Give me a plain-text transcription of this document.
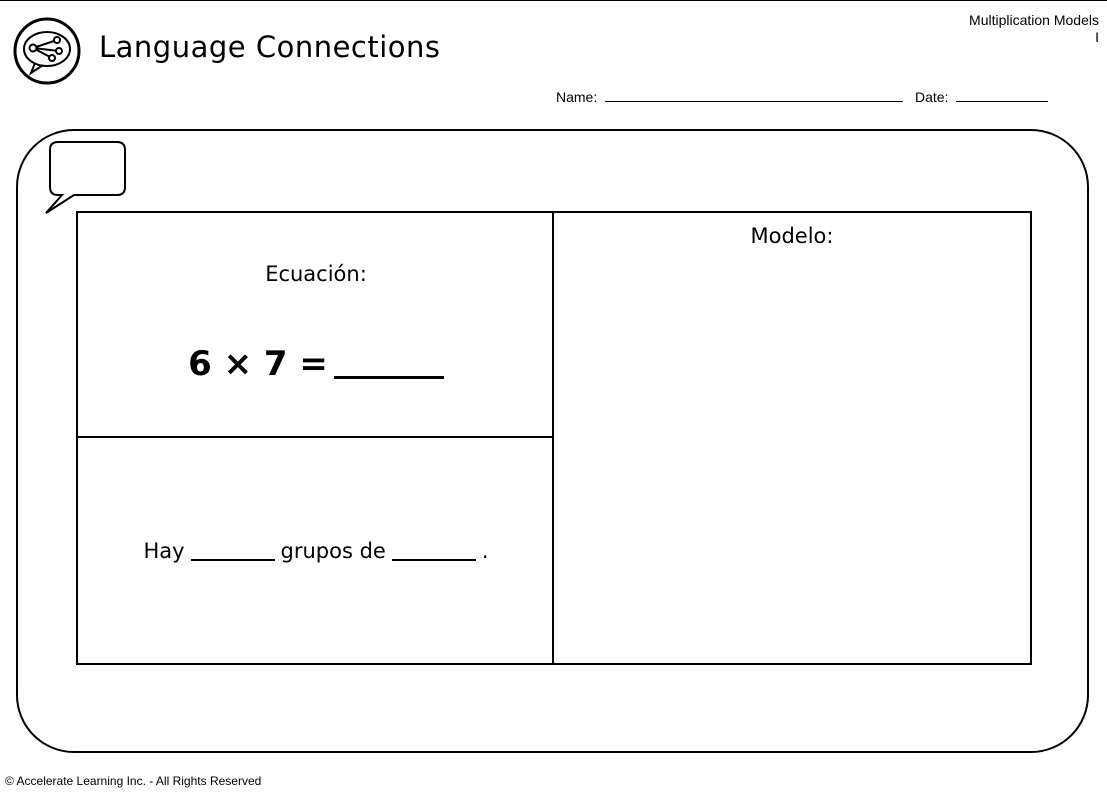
Language Connections
Multiplication Models
I
Name:	Date:
Ecuación:
6 × 7 =
Modelo:
Hay	grupos de	.
© Accelerate Learning Inc. - All Rights Reserved
